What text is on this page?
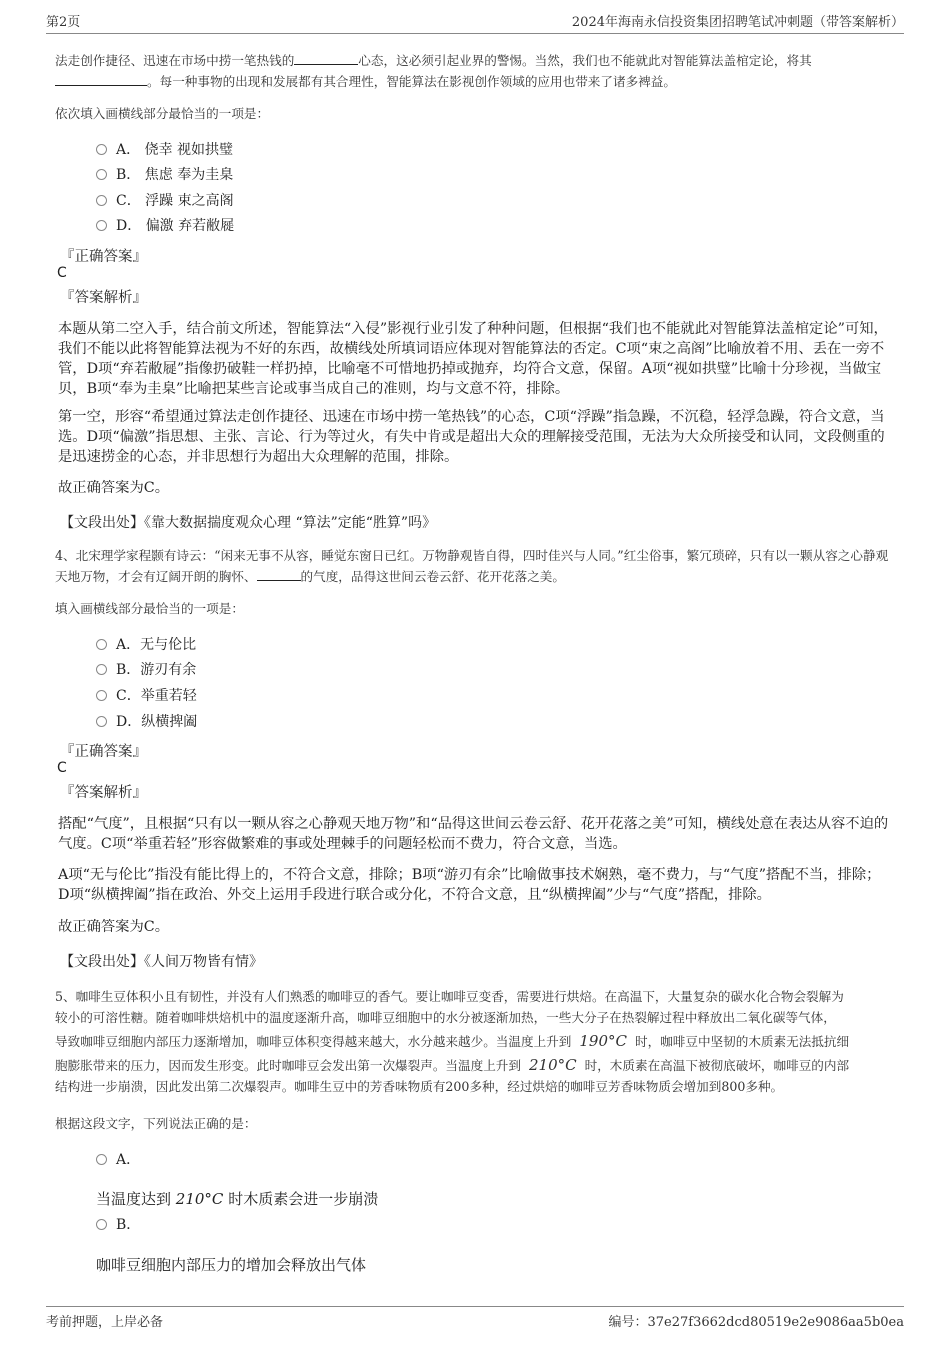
第2页	2024年海南永信投资集团招聘笔试冲刺题（带答案解析）

法走创作捷径、迅速在市场中捞一笔热钱的	心态，这必须引起业界的警惕。当然，我们也不能就此对智能算法盖棺定论，将其
。每一种事物的出现和发展都有其合理性，智能算法在影视创作领域的应用也带来了诸多裨益。
依次填入画横线部分最恰当的一项是：
A． 侥幸 视如拱璧
B． 焦虑 奉为圭臬
C． 浮躁 束之高阁
D． 偏激 弃若敝屣
『正确答案』
C
『答案解析』
本题从第二空入手，结合前文所述，智能算法“入侵”影视行业引发了种种问题，但根据“我们也不能就此对智能算法盖棺定论”可知，我们不能以此将智能算法视为不好的东西，故横线处所填词语应体现对智能算法的否定。C项“束之高阁”比喻放着不用、丢在一旁不管，D项“弃若敝屣”指像扔破鞋一样扔掉，比喻毫不可惜地扔掉或抛弃，均符合文意，保留。A项“视如拱璧”比喻十分珍视，当做宝贝，B项“奉为圭臬”比喻把某些言论或事当成自己的准则，均与文意不符，排除。
第一空，形容“希望通过算法走创作捷径、迅速在市场中捞一笔热钱”的心态，C项“浮躁”指急躁，不沉稳，轻浮急躁，符合文意，当选。D项“偏激”指思想、主张、言论、行为等过火，有失中肯或是超出大众的理解接受范围，无法为大众所接受和认同，文段侧重的是迅速捞金的心态，并非思想行为超出大众理解的范围，排除。
故正确答案为C。
【文段出处】《靠大数据揣度观众心理 “算法”定能“胜算”吗》
4、北宋理学家程颢有诗云：“闲来无事不从容，睡觉东窗日已红。万物静观皆自得，四时佳兴与人同。”红尘俗事，繁冗琐碎，只有以一颗从容之心静观天地万物，才会有辽阔开朗的胸怀、	的气度，品得这世间云卷云舒、花开花落之美。
填入画横线部分最恰当的一项是：
A．无与伦比
B．游刃有余
C．举重若轻
D．纵横捭阖
『正确答案』
C
『答案解析』
搭配“气度”，且根据“只有以一颗从容之心静观天地万物”和“品得这世间云卷云舒、花开花落之美”可知，横线处意在表达从容不迫的气度。C项“举重若轻”形容做繁难的事或处理棘手的问题轻松而不费力，符合文意，当选。
A项“无与伦比”指没有能比得上的，不符合文意，排除；B项“游刃有余”比喻做事技术娴熟，毫不费力，与“气度”搭配不当，排除；D项“纵横捭阖”指在政治、外交上运用手段进行联合或分化，不符合文意，且“纵横捭阖”少与“气度”搭配，排除。
故正确答案为C。
【文段出处】《人间万物皆有情》
5、咖啡生豆体积小且有韧性，并没有人们熟悉的咖啡豆的香气。要让咖啡豆变香，需要进行烘焙。在高温下，大量复杂的碳水化合物会裂解为
较小的可溶性糖。随着咖啡烘焙机中的温度逐渐升高，咖啡豆细胞中的水分被逐渐加热，一些大分子在热裂解过程中释放出二氧化碳等气体，
导致咖啡豆细胞内部压力逐渐增加，咖啡豆体积变得越来越大，水分越来越少。当温度上升到 190°C 时，咖啡豆中坚韧的木质素无法抵抗细
胞膨胀带来的压力，因而发生形变。此时咖啡豆会发出第一次爆裂声。当温度上升到 210°C 时，木质素在高温下被彻底破坏，咖啡豆的内部
结构进一步崩溃，因此发出第二次爆裂声。咖啡生豆中的芳香味物质有200多种，经过烘焙的咖啡豆芳香味物质会增加到800多种。
根据这段文字，下列说法正确的是：
A．
当温度达到 210°C 时木质素会进一步崩溃
B．
咖啡豆细胞内部压力的增加会释放出气体
考前押题，上岸必备	编号：37e27f3662dcd80519e2e9086aa5b0ea
